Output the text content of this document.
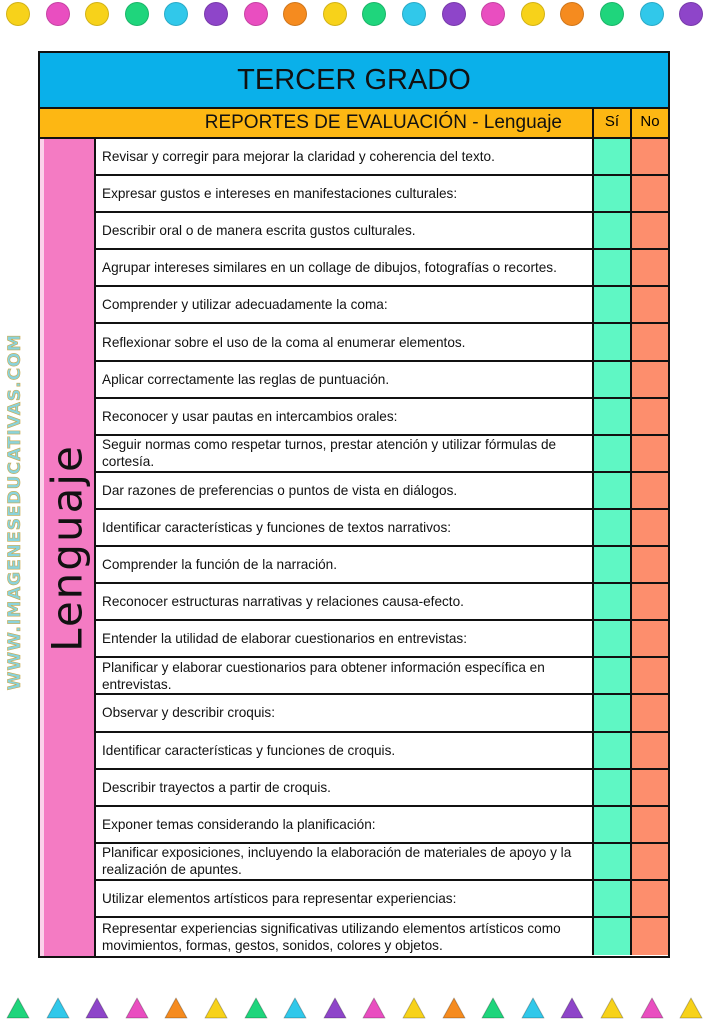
WWW.IMAGENESEDUCATIVAS.COM
TERCER GRADO
REPORTES DE EVALUACIÓN - Lenguaje	Sí	No
Lenguaje
Revisar y corregir para mejorar la claridad y coherencia del texto.
Expresar gustos e intereses en manifestaciones culturales:
Describir oral o de manera escrita gustos culturales.
Agrupar intereses similares en un collage de dibujos, fotografías o recortes.
Comprender y utilizar adecuadamente la coma:
Reflexionar sobre el uso de la coma al enumerar elementos.
Aplicar correctamente las reglas de puntuación.
Reconocer y usar pautas en intercambios orales:
Seguir normas como respetar turnos, prestar atención y utilizar fórmulas de cortesía.
Dar razones de preferencias o puntos de vista en diálogos.
Identificar características y funciones de textos narrativos:
Comprender la función de la narración.
Reconocer estructuras narrativas y relaciones causa-efecto.
Entender la utilidad de elaborar cuestionarios en entrevistas:
Planificar y elaborar cuestionarios para obtener información específica en entrevistas.
Observar y describir croquis:
Identificar características y funciones de croquis.
Describir trayectos a partir de croquis.
Exponer temas considerando la planificación:
Planificar exposiciones, incluyendo la elaboración de materiales de apoyo y la realización de apuntes.
Utilizar elementos artísticos para representar experiencias:
Representar experiencias significativas utilizando elementos artísticos como movimientos, formas, gestos, sonidos, colores y objetos.
